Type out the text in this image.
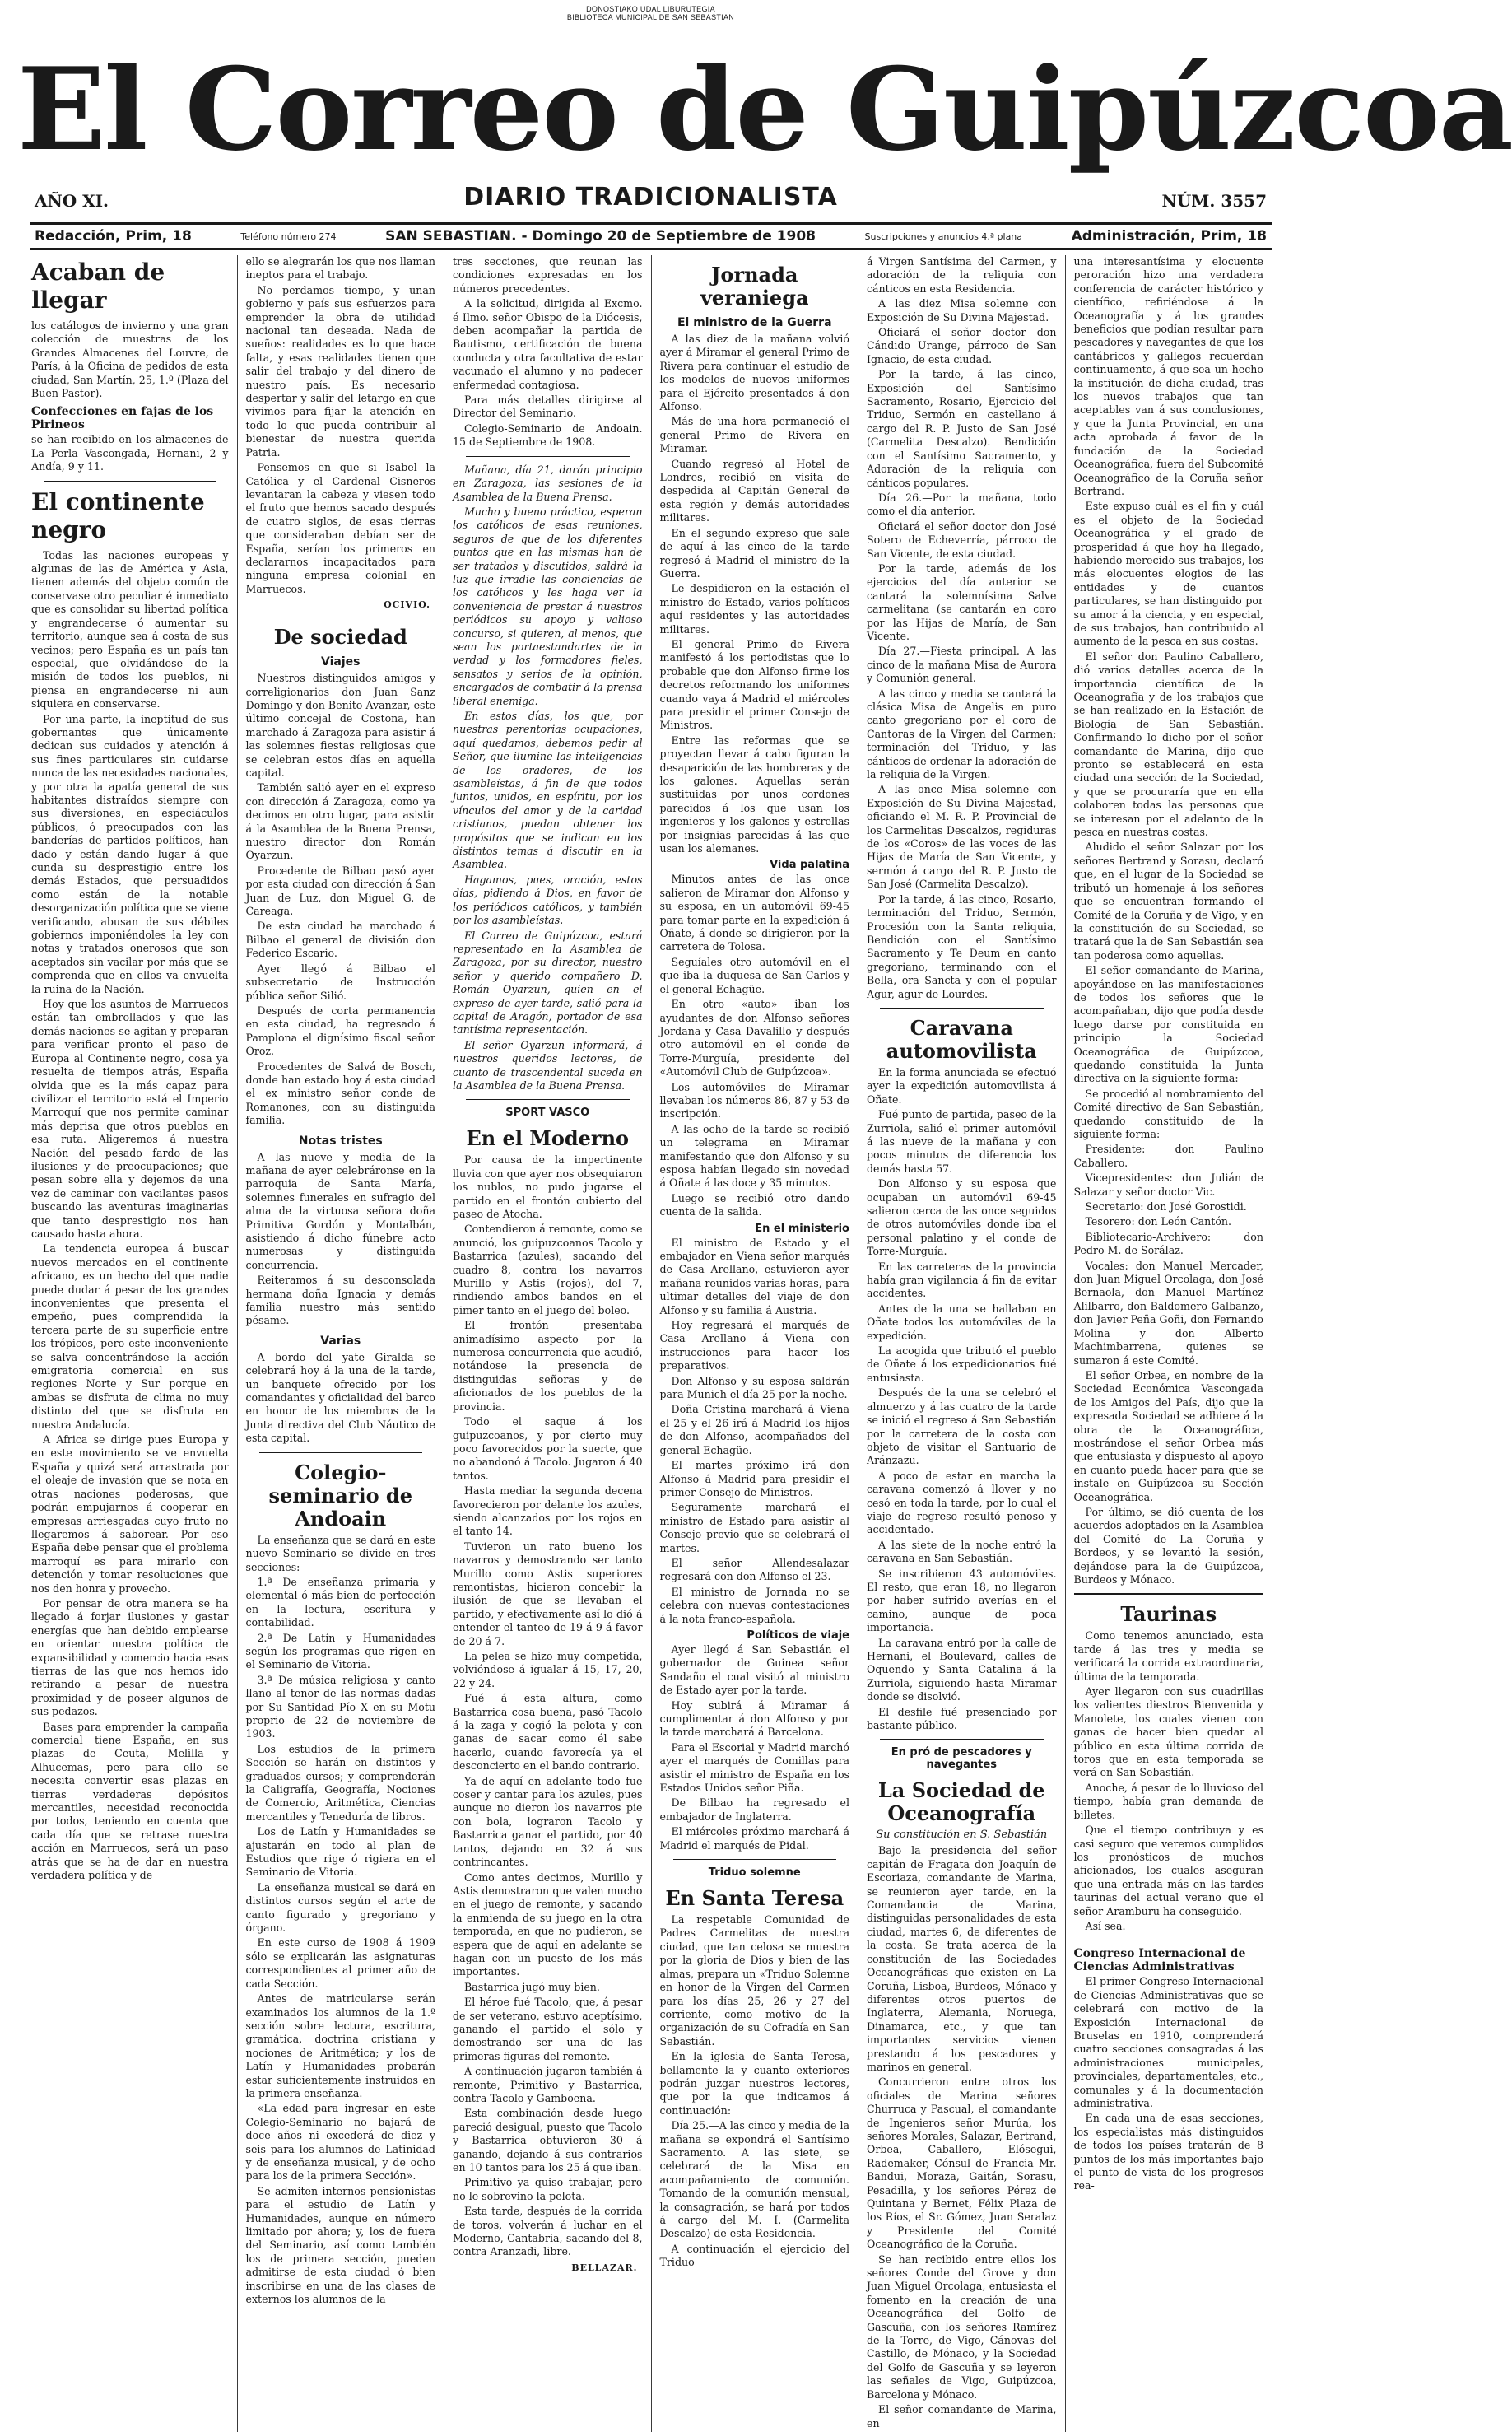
DONOSTIAKO UDAL LIBURUTEGIA
BIBLIOTECA MUNICIPAL DE SAN SEBASTIAN
El Correo de Guipúzcoa
AÑO XI.	DIARIO TRADICIONALISTA	NÚM. 3557
Redacción, Prim, 18	Teléfono número 274	SAN SEBASTIAN. - Domingo 20 de Septiembre de 1908	Suscripciones y anuncios 4.ª plana	Administración, Prim, 18
Acaban de llegar

los catálogos de invierno y una gran colección de muestras de los Grandes Almacenes del Louvre, de París, á la Oficina de pedidos de esta ciudad, San Martín, 25, 1.º (Plaza del Buen Pastor).

Confecciones en fajas de los Pirineos

se han recibido en los almacenes de La Perla Vascongada, Hernani, 2 y Andía, 9 y 11.

El continente negro

Todas las naciones europeas y algunas de las de América y Asia, tienen además del objeto común de conservase otro peculiar é inmediato que es consolidar su libertad política y engrandecerse ó aumentar su territorio, aunque sea á costa de sus vecinos; pero España es un país tan especial, que olvidándose de la misión de todos los pueblos, ni piensa en engrandecerse ni aun siquiera en conservarse.

Por una parte, la ineptitud de sus gobernantes que únicamente dedican sus cuidados y atención á sus fines particulares sin cuidarse nunca de las necesidades nacionales, y por otra la apatía general de sus habitantes distraídos siempre con sus diversiones, en especiáculos públicos, ó preocupados con las banderías de partidos políticos, han dado y están dando lugar á que cunda su desprestigio entre los demás Estados, que persuadidos como están de la notable desorganización política que se viene verificando, abusan de sus débiles gobiernos imponiéndoles la ley con notas y tratados onerosos que son aceptados sin vacilar por más que se comprenda que en ellos va envuelta la ruina de la Nación.

Hoy que los asuntos de Marruecos están tan embrollados y que las demás naciones se agitan y preparan para verificar pronto el paso de Europa al Continente negro, cosa ya resuelta de tiempos atrás, España olvida que es la más capaz para civilizar el territorio está el Imperio Marroquí que nos permite caminar más deprisa que otros pueblos en esa ruta. Aligeremos á nuestra Nación del pesado fardo de las ilusiones y de preocupaciones; que pesan sobre ella y dejemos de una vez de caminar con vacilantes pasos buscando las aventuras imaginarias que tanto desprestigio nos han causado hasta ahora.

La tendencia europea á buscar nuevos mercados en el continente africano, es un hecho del que nadie puede dudar á pesar de los grandes inconvenientes que presenta el empeño, pues comprendida la tercera parte de su superficie entre los trópicos, pero este inconveniente se salva concentrándose la acción emigratoria comercial en sus regiones Norte y Sur porque en ambas se disfruta de clima no muy distinto del que se disfruta en nuestra Andalucía.

A Africa se dirige pues Europa y en este movimiento se ve envuelta España y quizá será arrastrada por el oleaje de invasión que se nota en otras naciones poderosas, que podrán empujarnos á cooperar en empresas arriesgadas cuyo fruto no llegaremos á saborear. Por eso España debe pensar que el problema marroquí es para mirarlo con detención y tomar resoluciones que nos den honra y provecho.

Por pensar de otra manera se ha llegado á forjar ilusiones y gastar energías que han debido emplearse en orientar nuestra política de expansibilidad y comercio hacia esas tierras de las que nos hemos ido retirando a pesar de nuestra proximidad y de poseer algunos de sus pedazos.

Bases para emprender la campaña comercial tiene España, en sus plazas de Ceuta, Melilla y Alhucemas, pero para ello se necesita convertir esas plazas en tierras verdaderas depósitos mercantiles, necesidad reconocida por todos, teniendo en cuenta que cada día que se retrase nuestra acción en Marruecos, será un paso atrás que se ha de dar en nuestra verdadera política y de

ello se alegrarán los que nos llaman ineptos para el trabajo.

No perdamos tiempo, y unan gobierno y país sus esfuerzos para emprender la obra de utilidad nacional tan deseada. Nada de sueños: realidades es lo que hace falta, y esas realidades tienen que salir del trabajo y del dinero de nuestro país. Es necesario despertar y salir del letargo en que vivimos para fijar la atención en todo lo que pueda contribuir al bienestar de nuestra querida Patria.

Pensemos en que si Isabel la Católica y el Cardenal Cisneros levantaran la cabeza y viesen todo el fruto que hemos sacado después de cuatro siglos, de esas tierras que consideraban debían ser de España, serían los primeros en declararnos incapacitados para ninguna empresa colonial en Marruecos.

OCIVIO.
De sociedad
Viajes

Nuestros distinguidos amigos y correligionarios don Juan Sanz Domingo y don Benito Avanzar, este último concejal de Costona, han marchado á Zaragoza para asistir á las solemnes fiestas religiosas que se celebran estos días en aquella capital.

También salió ayer en el expreso con dirección á Zaragoza, como ya decimos en otro lugar, para asistir á la Asamblea de la Buena Prensa, nuestro director don Román Oyarzun.

Procedente de Bilbao pasó ayer por esta ciudad con dirección á San Juan de Luz, don Miguel G. de Careaga.

De esta ciudad ha marchado á Bilbao el general de división don Federico Escario.

Ayer llegó á Bilbao el subsecretario de Instrucción pública señor Silió.

Después de corta permanencia en esta ciudad, ha regresado á Pamplona el dignísimo fiscal señor Oroz.

Procedentes de Salvá de Bosch, donde han estado hoy á esta ciudad el ex ministro señor conde de Romanones, con su distinguida familia.

Notas tristes

A las nueve y media de la mañana de ayer celebráronse en la parroquia de Santa María, solemnes funerales en sufragio del alma de la virtuosa señora doña Primitiva Gordón y Montalbán, asistiendo á dicho fúnebre acto numerosas y distinguida concurrencia.

Reiteramos á su desconsolada hermana doña Ignacia y demás familia nuestro más sentido pésame.

Varias

A bordo del yate Giralda se celebrará hoy á la una de la tarde, un banquete ofrecido por los comandantes y oficialidad del barco en honor de los miembros de la Junta directiva del Club Náutico de esta capital.

Colegio-seminario de Andoain

La enseñanza que se dará en este nuevo Seminario se divide en tres secciones:

1.ª De enseñanza primaria y elemental ó más bien de perfección en la lectura, escritura y contabilidad.

2.ª De Latín y Humanidades según los programas que rigen en el Seminario de Vitoria.

3.ª De música religiosa y canto llano al tenor de las normas dadas por Su Santidad Pío X en su Motu proprio de 22 de noviembre de 1903.

Los estudios de la primera Sección se harán en distintos y graduados cursos; y comprenderán la Caligrafía, Geografía, Nociones de Comercio, Aritmética, Ciencias mercantiles y Teneduría de libros.

Los de Latín y Humanidades se ajustarán en todo al plan de Estudios que rige ó rigiera en el Seminario de Vitoria.

La enseñanza musical se dará en distintos cursos según el arte de canto figurado y gregoriano y órgano.

En este curso de 1908 á 1909 sólo se explicarán las asignaturas correspondientes al primer año de cada Sección.

Antes de matricularse serán examinados los alumnos de la 1.ª sección sobre lectura, escritura, gramática, doctrina cristiana y nociones de Aritmética; y los de Latín y Humanidades probarán estar suficientemente instruidos en la primera enseñanza.

«La edad para ingresar en este Colegio-Seminario no bajará de doce años ni excederá de diez y seis para los alumnos de Latinidad y de enseñanza musical, y de ocho para los de la primera Sección».

Se admiten internos pensionistas para el estudio de Latín y Humanidades, aunque en número limitado por ahora; y, los de fuera del Seminario, así como también los de primera sección, pueden admitirse de esta ciudad ó bien inscribirse en una de las clases de externos los alumnos de la

tres secciones, que reunan las condiciones expresadas en los números precedentes.

A la solicitud, dirigida al Excmo. é Ilmo. señor Obispo de la Diócesis, deben acompañar la partida de Bautismo, certificación de buena conducta y otra facultativa de estar vacunado el alumno y no padecer enfermedad contagiosa.

Para más detalles dirigirse al Director del Seminario.

Colegio-Seminario de Andoain. 15 de Septiembre de 1908.

Mañana, día 21, darán principio en Zaragoza, las sesiones de la Asamblea de la Buena Prensa.

Mucho y bueno práctico, esperan los católicos de esas reuniones, seguros de que de los diferentes puntos que en las mismas han de ser tratados y discutidos, saldrá la luz que irradie las conciencias de los católicos y les haga ver la conveniencia de prestar á nuestros periódicos su apoyo y valioso concurso, si quieren, al menos, que sean los portaestandartes de la verdad y los formadores fieles, sensatos y serios de la opinión, encargados de combatir á la prensa liberal enemiga.

En estos días, los que, por nuestras perentorias ocupaciones, aquí quedamos, debemos pedir al Señor, que ilumine las inteligencias de los oradores, de los asambleístas, á fin de que todos juntos, unidos, en espíritu, por los vínculos del amor y de la caridad cristianos, puedan obtener los propósitos que se indican en los distintos temas á discutir en la Asamblea.

Hagamos, pues, oración, estos días, pidiendo á Dios, en favor de los periódicos católicos, y también por los asambleístas.

El Correo de Guipúzcoa, estará representado en la Asamblea de Zaragoza, por su director, nuestro señor y querido compañero D. Román Oyarzun, quien en el expreso de ayer tarde, salió para la capital de Aragón, portador de esa tantísima representación.

El señor Oyarzun informará, á nuestros queridos lectores, de cuanto de trascendental suceda en la Asamblea de la Buena Prensa.

SPORT VASCO
En el Moderno

Por causa de la impertinente lluvia con que ayer nos obsequiaron los nublos, no pudo jugarse el partido en el frontón cubierto del paseo de Atocha.

Contendieron á remonte, como se anunció, los guipuzcoanos Tacolo y Bastarrica (azules), sacando del cuadro 8, contra los navarros Murillo y Astis (rojos), del 7, rindiendo ambos bandos en el pimer tanto en el juego del boleo.

El frontón presentaba animadísimo aspecto por la numerosa concurrencia que acudió, notándose la presencia de distinguidas señoras y de aficionados de los pueblos de la provincia.

Todo el saque á los guipuzcoanos, y por cierto muy poco favorecidos por la suerte, que no abandonó á Tacolo. Jugaron á 40 tantos.

Hasta mediar la segunda decena favorecieron por delante los azules, siendo alcanzados por los rojos en el tanto 14.

Tuvieron un rato bueno los navarros y demostrando ser tanto Murillo como Astis superiores remontistas, hicieron concebir la ilusión de que se llevaban el partido, y efectivamente así lo dió á entender el tanteo de 19 á 9 á favor de 20 á 7.

La pelea se hizo muy competida, volviéndose á igualar á 15, 17, 20, 22 y 24.

Fué á esta altura, como Bastarrica cosa buena, pasó Tacolo á la zaga y cogió la pelota y con ganas de sacar como él sabe hacerlo, cuando favorecía ya el desconcierto en el bando contrario.

Ya de aquí en adelante todo fue coser y cantar para los azules, pues aunque no dieron los navarros pie con bola, lograron Tacolo y Bastarrica ganar el partido, por 40 tantos, dejando en 32 á sus contrincantes.

Como antes decimos, Murillo y Astis demostraron que valen mucho en el juego de remonte, y sacando la enmienda de su juego en la otra temporada, en que no pudieron, se espera que de aquí en adelante se hagan con un puesto de los más importantes.

Bastarrica jugó muy bien.

El héroe fué Tacolo, que, á pesar de ser veterano, estuvo aceptísimo, ganando el partido el sólo y demostrando ser una de las primeras figuras del remonte.

A continuación jugaron también á remonte, Primitivo y Bastarrica, contra Tacolo y Gamboena.

Esta combinación desde luego pareció desigual, puesto que Tacolo y Bastarrica obtuvieron 30 á ganando, dejando á sus contrarios en 10 tantos para los 25 á que iban.

Primitivo ya quiso trabajar, pero no le sobrevino la pelota.

Esta tarde, después de la corrida de toros, volverán á luchar en el Moderno, Cantabria, sacando del 8, contra Aranzadi, libre.

BELLAZAR.
Jornada veraniega
El ministro de la Guerra

A las diez de la mañana volvió ayer á Miramar el general Primo de Rivera para continuar el estudio de los modelos de nuevos uniformes para el Ejército presentados á don Alfonso.

Más de una hora permaneció el general Primo de Rivera en Miramar.

Cuando regresó al Hotel de Londres, recibió en visita de despedida al Capitán General de esta región y demás autoridades militares.

En el segundo expreso que sale de aquí á las cinco de la tarde regresó á Madrid el ministro de la Guerra.

Le despidieron en la estación el ministro de Estado, varios políticos aquí residentes y las autoridades militares.

El general Primo de Rivera manifestó á los periodistas que lo probable que don Alfonso firme los decretos reformando los uniformes cuando vaya á Madrid el miércoles para presidir el primer Consejo de Ministros.

Entre las reformas que se proyectan llevar á cabo figuran la desaparición de las hombreras y de los galones. Aquellas serán sustituidas por unos cordones parecidos á los que usan los ingenieros y los galones y estrellas por insignias parecidas á las que usan los alemanes.

Vida palatina

Minutos antes de las once salieron de Miramar don Alfonso y su esposa, en un automóvil 69-45 para tomar parte en la expedición á Oñate, á donde se dirigieron por la carretera de Tolosa.

Seguíales otro automóvil en el que iba la duquesa de San Carlos y el general Echagüe.

En otro «auto» iban los ayudantes de don Alfonso señores Jordana y Casa Davalillo y después otro automóvil en el conde de Torre-Murguía, presidente del «Automóvil Club de Guipúzcoa».

Los automóviles de Miramar llevaban los números 86, 87 y 53 de inscripción.

A las ocho de la tarde se recibió un telegrama en Miramar manifestando que don Alfonso y su esposa habían llegado sin novedad á Oñate á las doce y 35 minutos.

Luego se recibió otro dando cuenta de la salida.

En el ministerio

El ministro de Estado y el embajador en Viena señor marqués de Casa Arellano, estuvieron ayer mañana reunidos varias horas, para ultimar detalles del viaje de don Alfonso y su familia á Austria.

Hoy regresará el marqués de Casa Arellano á Viena con instrucciones para hacer los preparativos.

Don Alfonso y su esposa saldrán para Munich el día 25 por la noche.

Doña Cristina marchará á Viena el 25 y el 26 irá á Madrid los hijos de don Alfonso, acompañados del general Echagüe.

El martes próximo irá don Alfonso á Madrid para presidir el primer Consejo de Ministros.

Seguramente marchará el ministro de Estado para asistir al Consejo previo que se celebrará el martes.

El señor Allendesalazar regresará con don Alfonso el 23.

El ministro de Jornada no se celebra con nuevas contestaciones á la nota franco-española.

Políticos de viaje

Ayer llegó á San Sebastián el gobernador de Guinea señor Sandaño el cual visitó al ministro de Estado ayer por la tarde.

Hoy subirá á Miramar á cumplimentar á don Alfonso y por la tarde marchará á Barcelona.

Para el Escorial y Madrid marchó ayer el marqués de Comillas para asistir el ministro de España en los Estados Unidos señor Piña.

De Bilbao ha regresado el embajador de Inglaterra.

El miércoles próximo marchará á Madrid el marqués de Pidal.

Triduo solemne
En Santa Teresa

La respetable Comunidad de Padres Carmelitas de nuestra ciudad, que tan celosa se muestra por la gloria de Dios y bien de las almas, prepara un «Triduo Solemne en honor de la Virgen del Carmen para los días 25, 26 y 27 del corriente, como motivo de la organización de su Cofradía en San Sebastián.

En la iglesia de Santa Teresa, bellamente la y cuanto exteriores podrán juzgar nuestros lectores, que por la que indicamos á continuación:

Día 25.—A las cinco y media de la mañana se expondrá el Santísimo Sacramento. A las siete, se celebrará de la Misa en acompañamiento de comunión. Tomando de la comunión mensual, la consagración, se hará por todos á cargo del M. I. (Carmelita Descalzo) de esta Residencia.

A continuación el ejercicio del Triduo

á Virgen Santísima del Carmen, y adoración de la reliquia con cánticos en esta Residencia.

A las diez Misa solemne con Exposición de Su Divina Majestad.

Oficiará el señor doctor don Cándido Urange, párroco de San Ignacio, de esta ciudad.

Por la tarde, á las cinco, Exposición del Santísimo Sacramento, Rosario, Ejercicio del Triduo, Sermón en castellano á cargo del R. P. Justo de San José (Carmelita Descalzo). Bendición con el Santísimo Sacramento, y Adoración de la reliquia con cánticos populares.

Día 26.—Por la mañana, todo como el día anterior.

Oficiará el señor doctor don José Sotero de Echeverría, párroco de San Vicente, de esta ciudad.

Por la tarde, además de los ejercicios del día anterior se cantará la solemnísima Salve carmelitana (se cantarán en coro por las Hijas de María, de San Vicente.

Día 27.—Fiesta principal. A las cinco de la mañana Misa de Aurora y Comunión general.

A las cinco y media se cantará la clásica Misa de Angelis en puro canto gregoriano por el coro de Cantoras de la Virgen del Carmen; terminación del Triduo, y las cánticos de ordenar la adoración de la reliquia de la Virgen.

A las once Misa solemne con Exposición de Su Divina Majestad, oficiando el M. R. P. Provincial de los Carmelitas Descalzos, regiduras de los «Coros» de las voces de las Hijas de María de San Vicente, y sermón á cargo del R. P. Justo de San José (Carmelita Descalzo).

Por la tarde, á las cinco, Rosario, terminación del Triduo, Sermón, Procesión con la Santa reliquia, Bendición con el Santísimo Sacramento y Te Deum en canto gregoriano, terminando con el Bella, ora Sancta y con el popular Agur, agur de Lourdes.

Caravana automovilista

En la forma anunciada se efectuó ayer la expedición automovilista á Oñate.

Fué punto de partida, paseo de la Zurriola, salió el primer automóvil á las nueve de la mañana y con pocos minutos de diferencia los demás hasta 57.

Don Alfonso y su esposa que ocupaban un automóvil 69-45 salieron cerca de las once seguidos de otros automóviles donde iba el personal palatino y el conde de Torre-Murguía.

En las carreteras de la provincia había gran vigilancia á fin de evitar accidentes.

Antes de la una se hallaban en Oñate todos los automóviles de la expedición.

La acogida que tributó el pueblo de Oñate á los expedicionarios fué entusiasta.

Después de la una se celebró el almuerzo y á las cuatro de la tarde se inició el regreso á San Sebastián por la carretera de la costa con objeto de visitar el Santuario de Aránzazu.

A poco de estar en marcha la caravana comenzó á llover y no cesó en toda la tarde, por lo cual el viaje de regreso resultó penoso y accidentado.

A las siete de la noche entró la caravana en San Sebastián.

Se inscribieron 43 automóviles. El resto, que eran 18, no llegaron por haber sufrido averías en el camino, aunque de poca importancia.

La caravana entró por la calle de Hernani, el Boulevard, calles de Oquendo y Santa Catalina á la Zurriola, siguiendo hasta Miramar donde se disolvió.

El desfile fué presenciado por bastante público.

En pró de pescadores y navegantes
La Sociedad de Oceanografía
Su constitución en S. Sebastián

Bajo la presidencia del señor capitán de Fragata don Joaquín de Escoriaza, comandante de Marina, se reunieron ayer tarde, en la Comandancia de Marina, distinguidas personalidades de esta ciudad, martes 6, de diferentes de la costa. Se trata acerca de la constitución de las Sociedades Oceanográficas que existen en La Coruña, Lisboa, Burdeos, Mónaco y diferentes otros puertos de Inglaterra, Alemania, Noruega, Dinamarca, etc., y que tan importantes servicios vienen prestando á los pescadores y marinos en general.

Concurrieron entre otros los oficiales de Marina señores Churruca y Pascual, el comandante de Ingenieros señor Murúa, los señores Morales, Salazar, Bertrand, Orbea, Caballero, Elósegui, Rademaker, Cónsul de Francia Mr. Bandui, Moraza, Gaitán, Sorasu, Pesadilla, y los señores Pérez de Quintana y Bernet, Félix Plaza de los Ríos, el Sr. Gómez, Juan Seralaz y Presidente del Comité Oceanográfico de la Coruña.

Se han recibido entre ellos los señores Conde del Grove y don Juan Miguel Orcolaga, entusiasta el fomento en la creación de una Oceanográfica del Golfo de Gascuña, con los señores Ramírez de la Torre, de Vigo, Cánovas del Castillo, de Mónaco, y la Sociedad del Golfo de Gascuña y se leyeron las señales de Vigo, Guipúzcoa, Barcelona y Mónaco.

El señor comandante de Marina, en

una interesantísima y elocuente peroración hizo una verdadera conferencia de carácter histórico y científico, refiriéndose á la Oceanografía y á los grandes beneficios que podían resultar para pescadores y navegantes de que los cantábricos y gallegos recuerdan continuamente, á que sea un hecho la institución de dicha ciudad, tras los nuevos trabajos que tan aceptables van á sus conclusiones, y que la Junta Provincial, en una acta aprobada á favor de la fundación de la Sociedad Oceanográfica, fuera del Subcomité Oceanográfico de la Coruña señor Bertrand.

Este expuso cuál es el fin y cuál es el objeto de la Sociedad Oceanográfica y el grado de prosperidad á que hoy ha llegado, habiendo merecido sus trabajos, los más elocuentes elogios de las entidades y de cuantos particulares, se han distinguido por su amor á la ciencia, y en especial, de sus trabajos, han contribuido al aumento de la pesca en sus costas.

El señor don Paulino Caballero, dió varios detalles acerca de la importancia científica de la Oceanografía y de los trabajos que se han realizado en la Estación de Biología de San Sebastián. Confirmando lo dicho por el señor comandante de Marina, dijo que pronto se establecerá en esta ciudad una sección de la Sociedad, y que se procuraría que en ella colaboren todas las personas que se interesan por el adelanto de la pesca en nuestras costas.

Aludido el señor Salazar por los señores Bertrand y Sorasu, declaró que, en el lugar de la Sociedad se tributó un homenaje á los señores que se encuentran formando el Comité de la Coruña y de Vigo, y en la constitución de su Sociedad, se tratará que la de San Sebastián sea tan poderosa como aquellas.

El señor comandante de Marina, apoyándose en las manifestaciones de todos los señores que le acompañaban, dijo que podía desde luego darse por constituida en principio la Sociedad Oceanográfica de Guipúzcoa, quedando constituida la Junta directiva en la siguiente forma:

Se procedió al nombramiento del Comité directivo de San Sebastián, quedando constituido de la siguiente forma:

Presidente: don Paulino Caballero.

Vicepresidentes: don Julián de Salazar y señor doctor Vic.

Secretario: don José Gorostidi.

Tesorero: don León Cantón.

Bibliotecario-Archivero: don Pedro M. de Sorálaz.

Vocales: don Manuel Mercader, don Juan Miguel Orcolaga, don José Bernaola, don Manuel Martínez Alilbarro, don Baldomero Galbanzo, don Javier Peña Goñi, don Fernando Molina y don Alberto Machimbarrena, quienes se sumaron á este Comité.

El señor Orbea, en nombre de la Sociedad Económica Vascongada de los Amigos del País, dijo que la expresada Sociedad se adhiere á la obra de la Oceanográfica, mostrándose el señor Orbea más que entusiasta y dispuesto al apoyo en cuanto pueda hacer para que se instale en Guipúzcoa su Sección Oceanográfica.

Por último, se dió cuenta de los acuerdos adoptados en la Asamblea del Comité de La Coruña y Bordeos, y se levantó la sesión, dejándose para la de Guipúzcoa, Burdeos y Mónaco.

Taurinas

Como tenemos anunciado, esta tarde á las tres y media se verificará la corrida extraordinaria, última de la temporada.

Ayer llegaron con sus cuadrillas los valientes diestros Bienvenida y Manolete, los cuales vienen con ganas de hacer bien quedar al público en esta última corrida de toros que en esta temporada se verá en San Sebastián.

Anoche, á pesar de lo lluvioso del tiempo, había gran demanda de billetes.

Que el tiempo contribuya y es casi seguro que veremos cumplidos los pronósticos de muchos aficionados, los cuales aseguran que una entrada más en las tardes taurinas del actual verano que el señor Aramburu ha conseguido.

Así sea.

Congreso Internacional de Ciencias Administrativas

El primer Congreso Internacional de Ciencias Administrativas que se celebrará con motivo de la Exposición Internacional de Bruselas en 1910, comprenderá cuatro secciones consagradas á las administraciones municipales, provinciales, departamentales, etc., comunales y á la documentación administrativa.

En cada una de esas secciones, los especialistas más distinguidos de todos los países tratarán de 8 puntos de los más importantes bajo el punto de vista de los progresos rea-
